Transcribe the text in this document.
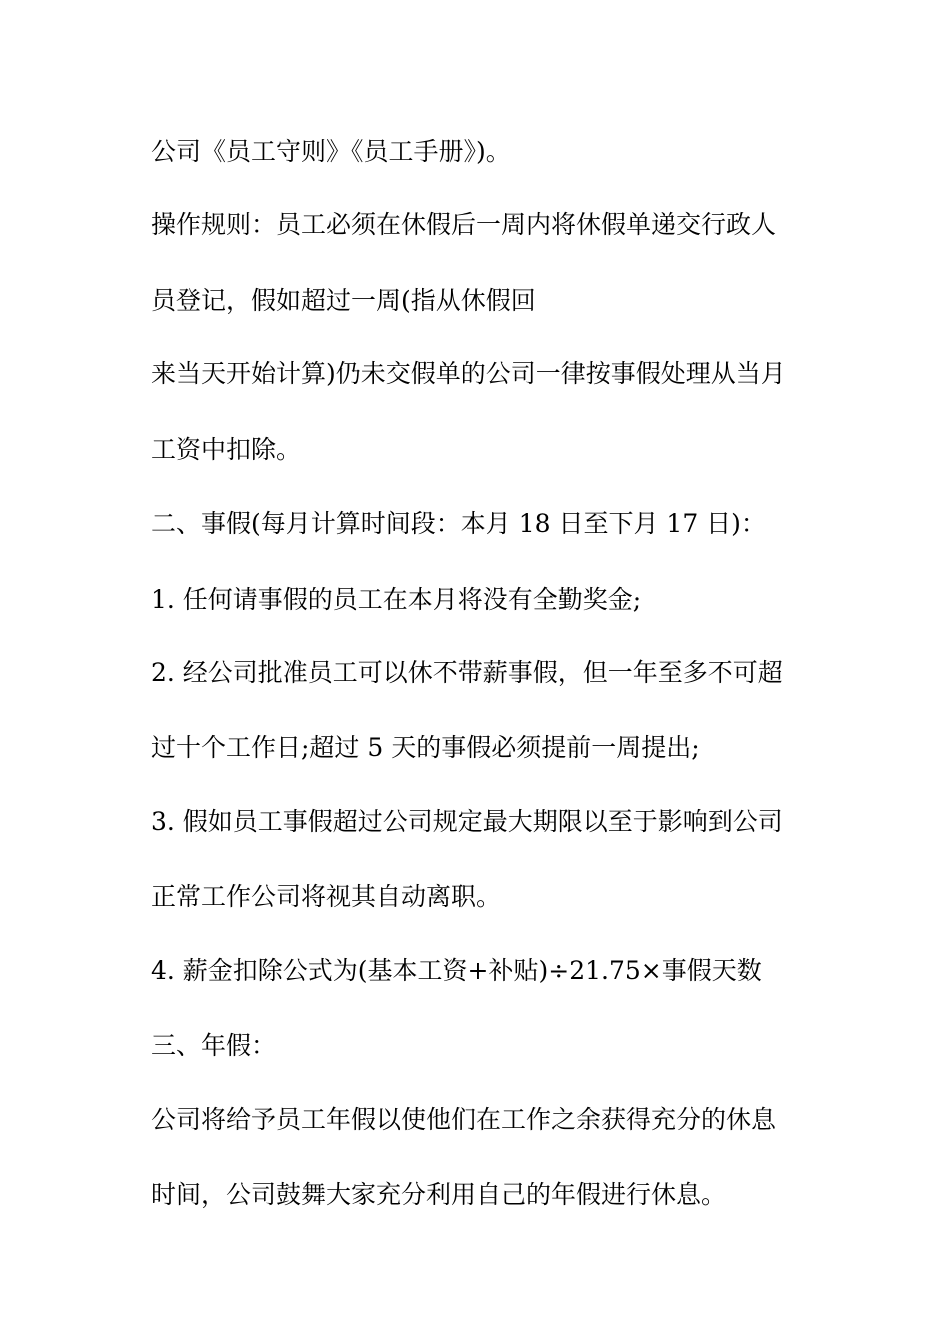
公司《员工守则》《员工手册》)。

操作规则：员工必须在休假后一周内将休假单递交行政人

员登记，假如超过一周(指从休假回

来当天开始计算)仍未交假单的公司一律按事假处理从当月

工资中扣除。

二、事假(每月计算时间段：本月 18 日至下月 17 日)：

1. 任何请事假的员工在本月将没有全勤奖金;

2. 经公司批准员工可以休不带薪事假，但一年至多不可超

过十个工作日;超过 5 天的事假必须提前一周提出;

3. 假如员工事假超过公司规定最大期限以至于影响到公司

正常工作公司将视其自动离职。

4. 薪金扣除公式为(基本工资+补贴)÷21.75×事假天数

三、年假：

公司将给予员工年假以使他们在工作之余获得充分的休息

时间，公司鼓舞大家充分利用自己的年假进行休息。
